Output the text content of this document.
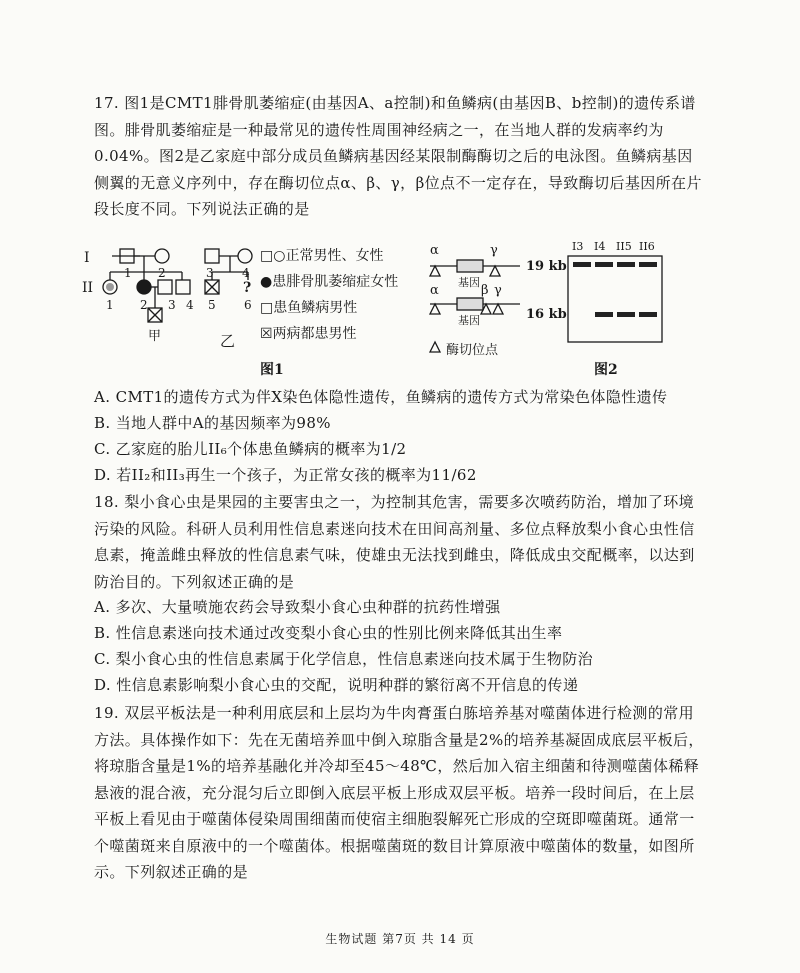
17. 图1是CMT1腓骨肌萎缩症(由基因A、a控制)和鱼鳞病(由基因B、b控制)的遗传系谱图。腓骨肌萎缩症是一种最常见的遗传性周围神经病之一，在当地人群的发病率约为0.04%。图2是乙家庭中部分成员鱼鳞病基因经某限制酶酶切之后的电泳图。鱼鳞病基因侧翼的无意义序列中，存在酶切位点α、β、γ，β位点不一定存在，导致酶切后基因所在片段长度不同。下列说法正确的是

I
II
1 2
1 2 3 4
甲
3 4
?
5 6
乙
□○正常男性、女性
●患腓骨肌萎缩症女性
□患鱼鳞病男性
☒两病都患男性
图1
α	γ
基因
α	β γ
基因
酶切位点
19 kb
16 kb
I3 I4 II5 II6
图2

A. CMT1的遗传方式为伴X染色体隐性遗传，鱼鳞病的遗传方式为常染色体隐性遗传

B. 当地人群中A的基因频率为98%

C. 乙家庭的胎儿II₆个体患鱼鳞病的概率为1/2

D. 若II₂和II₃再生一个孩子，为正常女孩的概率为11/62

18. 梨小食心虫是果园的主要害虫之一，为控制其危害，需要多次喷药防治，增加了环境污染的风险。科研人员利用性信息素迷向技术在田间高剂量、多位点释放梨小食心虫性信息素，掩盖雌虫释放的性信息素气味，使雄虫无法找到雌虫，降低成虫交配概率，以达到防治目的。下列叙述正确的是

A. 多次、大量喷施农药会导致梨小食心虫种群的抗药性增强

B. 性信息素迷向技术通过改变梨小食心虫的性别比例来降低其出生率

C. 梨小食心虫的性信息素属于化学信息，性信息素迷向技术属于生物防治

D. 性信息素影响梨小食心虫的交配，说明种群的繁衍离不开信息的传递

19. 双层平板法是一种利用底层和上层均为牛肉膏蛋白胨培养基对噬菌体进行检测的常用方法。具体操作如下：先在无菌培养皿中倒入琼脂含量是2%的培养基凝固成底层平板后，将琼脂含量是1%的培养基融化并冷却至45～48℃，然后加入宿主细菌和待测噬菌体稀释悬液的混合液，充分混匀后立即倒入底层平板上形成双层平板。培养一段时间后，在上层平板上看见由于噬菌体侵染周围细菌而使宿主细胞裂解死亡形成的空斑即噬菌斑。通常一个噬菌斑来自原液中的一个噬菌体。根据噬菌斑的数目计算原液中噬菌体的数量，如图所示。下列叙述正确的是

生物试题 第7页 共 14 页
